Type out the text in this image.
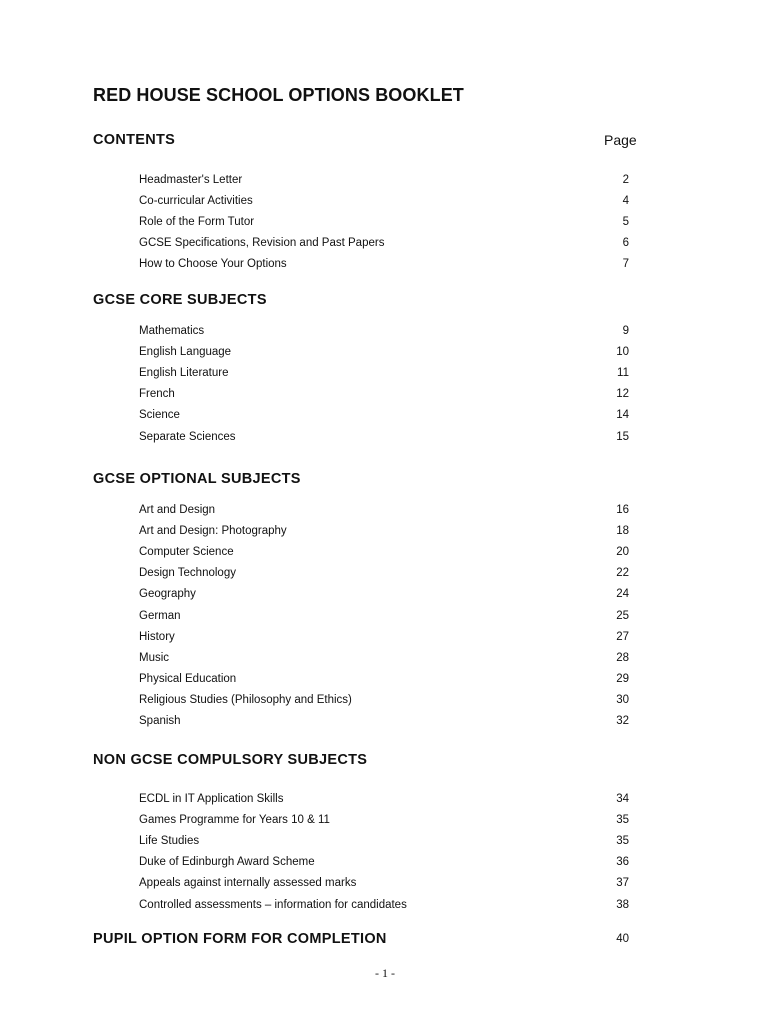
RED HOUSE SCHOOL OPTIONS BOOKLET
CONTENTS	Page
Headmaster's Letter	2
Co-curricular Activities	4
Role of the Form Tutor	5
GCSE Specifications, Revision and Past Papers	6
How to Choose Your Options	7
GCSE CORE SUBJECTS
Mathematics	9
English Language	10
English Literature	11
French	12
Science	14
Separate Sciences	15
GCSE OPTIONAL SUBJECTS
Art and Design	16
Art and Design: Photography	18
Computer Science	20
Design Technology	22
Geography	24
German	25
History	27
Music	28
Physical Education	29
Religious Studies (Philosophy and Ethics)	30
Spanish	32
NON GCSE COMPULSORY SUBJECTS
ECDL in IT Application Skills	34
Games Programme for Years 10 & 11	35
Life Studies	35
Duke of Edinburgh Award Scheme	36
Appeals against internally assessed marks	37
Controlled assessments – information for candidates	38
PUPIL OPTION FORM FOR COMPLETION	40
- 1 -
